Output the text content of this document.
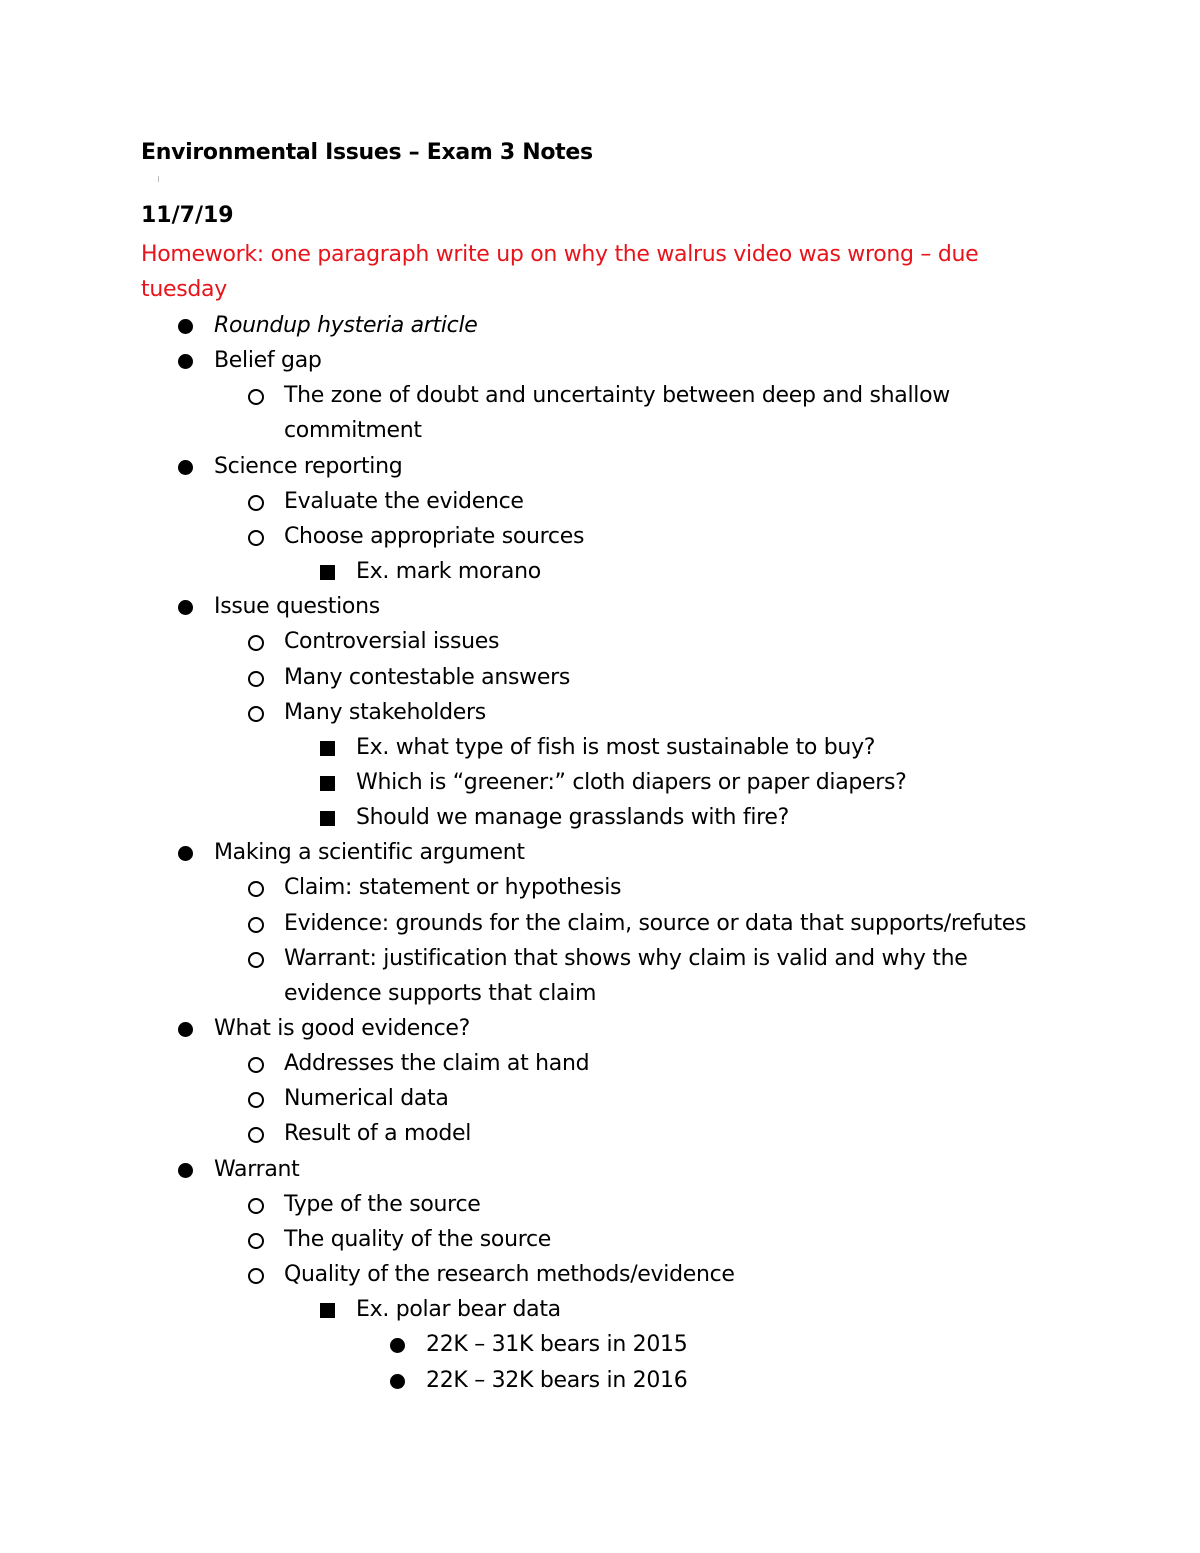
Environmental Issues – Exam 3 Notes
11/7/19
Homework: one paragraph write up on why the walrus video was wrong – due tuesday
Roundup hysteria article
Belief gap
The zone of doubt and uncertainty between deep and shallow
commitment
Science reporting
Evaluate the evidence
Choose appropriate sources
Ex. mark morano
Issue questions
Controversial issues
Many contestable answers
Many stakeholders
Ex. what type of fish is most sustainable to buy?
Which is “greener:” cloth diapers or paper diapers?
Should we manage grasslands with fire?
Making a scientific argument
Claim: statement or hypothesis
Evidence: grounds for the claim, source or data that supports/refutes
Warrant: justification that shows why claim is valid and why the
evidence supports that claim
What is good evidence?
Addresses the claim at hand
Numerical data
Result of a model
Warrant
Type of the source
The quality of the source
Quality of the research methods/evidence
Ex. polar bear data
22K – 31K bears in 2015
22K – 32K bears in 2016
